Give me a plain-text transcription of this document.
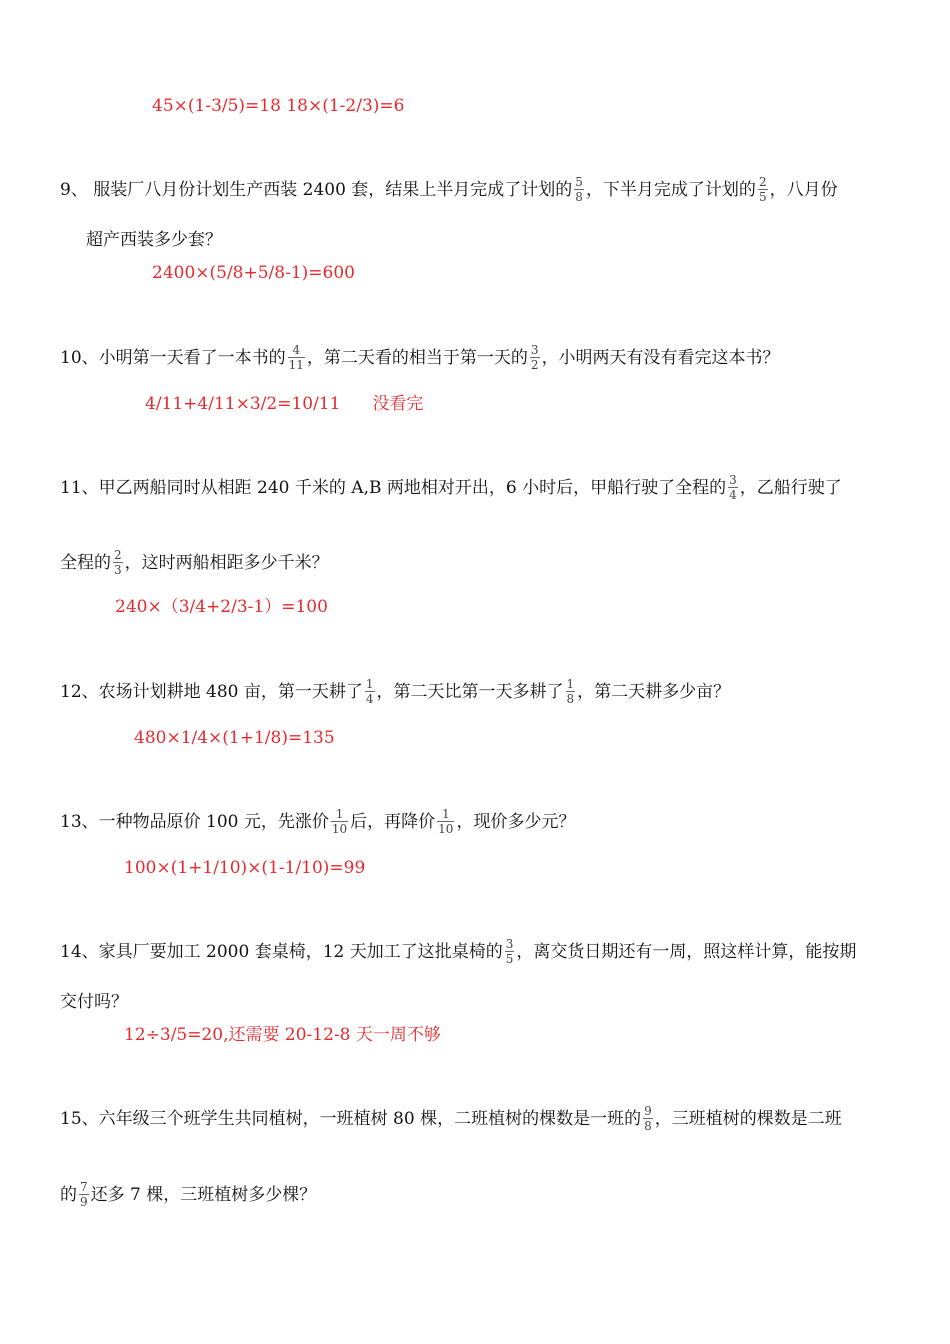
45×(1-3/5)=18 18×(1-2/3)=6
9、 服装厂八月份计划生产西装 2400 套，结果上半月完成了计划的 $\frac{5}{8}$ ，下半月完成了计划的 $\frac{2}{5}$ ，八月份
超产西装多少套？
2400×(5/8+5/8-1)=600
10、小明第一天看了一本书的 $\frac{4}{11}$ ，第二天看的相当于第一天的 $\frac{3}{2}$ ，小明两天有没有看完这本书？
4/11+4/11×3/2=10/11 没看完
11、甲乙两船同时从相距 240 千米的 A,B 两地相对开出，6 小时后，甲船行驶了全程的 $\frac{3}{4}$ ，乙船行驶了
全程的 $\frac{2}{3}$ ，这时两船相距多少千米？
240×（3/4+2/3-1）=100
12、农场计划耕地 480 亩，第一天耕了 $\frac{1}{4}$ ，第二天比第一天多耕了 $\frac{1}{8}$ ，第二天耕多少亩？
480×1/4×(1+1/8)=135
13、一种物品原价 100 元，先涨价 $\frac{1}{10}$ 后，再降价 $\frac{1}{10}$ ，现价多少元？
100×(1+1/10)×(1-1/10)=99
14、家具厂要加工 2000 套桌椅，12 天加工了这批桌椅的 $\frac{3}{5}$ ，离交货日期还有一周，照这样计算，能按期
交付吗？
12÷3/5=20,还需要 20-12-8 天一周不够
15、六年级三个班学生共同植树，一班植树 80 棵，二班植树的棵数是一班的 $\frac{9}{8}$ ，三班植树的棵数是二班
的 $\frac{7}{9}$ 还多 7 棵，三班植树多少棵？
